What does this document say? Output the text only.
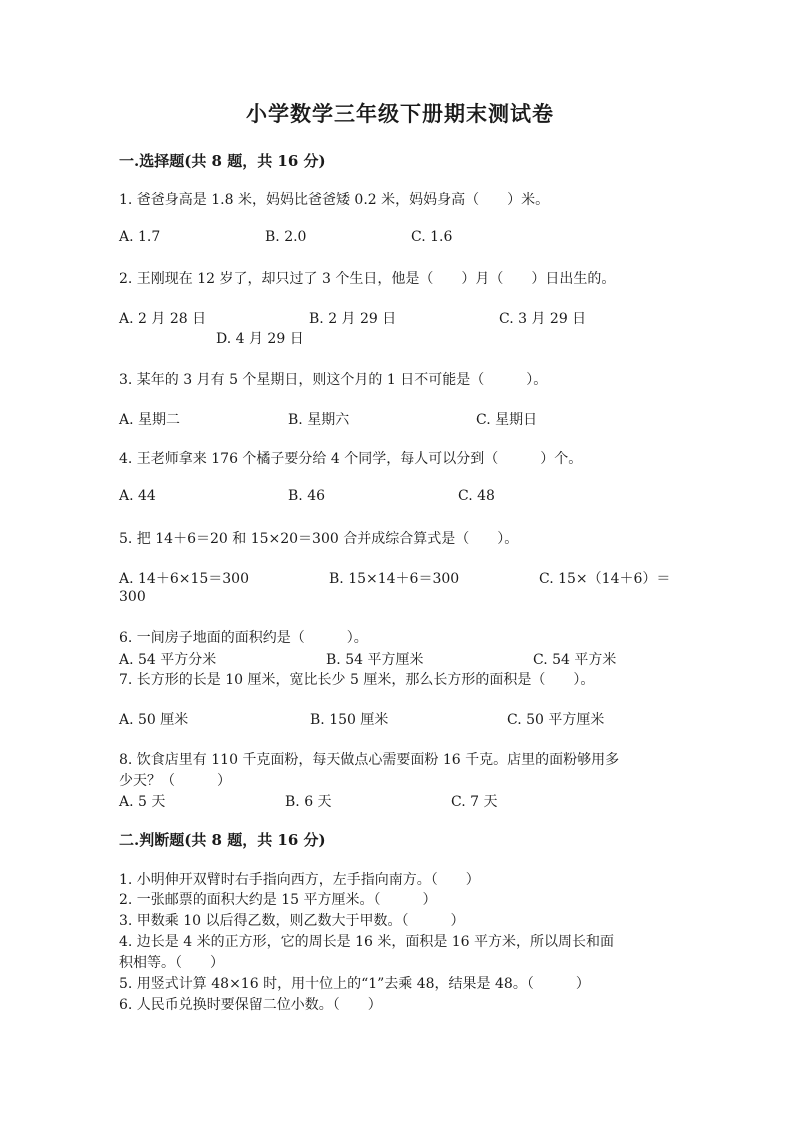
小学数学三年级下册期末测试卷
一.选择题(共 8 题，共 16 分)
1. 爸爸身高是 1.8 米，妈妈比爸爸矮 0.2 米，妈妈身高（　　）米。
A. 1.7	B. 2.0	C. 1.6
2. 王刚现在 12 岁了，却只过了 3 个生日，他是（　　）月（　　）日出生的。
A. 2 月 28 日	B. 2 月 29 日	C. 3 月 29 日
D. 4 月 29 日
3. 某年的 3 月有 5 个星期日，则这个月的 1 日不可能是（　　　）。
A. 星期二	B. 星期六	C. 星期日
4. 王老师拿来 176 个橘子要分给 4 个同学，每人可以分到（　　　）个。
A. 44	B. 46	C. 48
5. 把 14＋6＝20 和 15×20＝300 合并成综合算式是（　　）。
A. 14＋6×15＝300	B. 15×14＋6＝300	C. 15×（14＋6）＝
300
6. 一间房子地面的面积约是（　　　）。
A. 54 平方分米	B. 54 平方厘米	C. 54 平方米
7. 长方形的长是 10 厘米，宽比长少 5 厘米，那么长方形的面积是（　　）。
A. 50 厘米	B. 150 厘米	C. 50 平方厘米
8. 饮食店里有 110 千克面粉，每天做点心需要面粉 16 千克。店里的面粉够用多
少天？（　　　）
A. 5 天	B. 6 天	C. 7 天
二.判断题(共 8 题，共 16 分)
1. 小明伸开双臂时右手指向西方，左手指向南方。（　　）
2. 一张邮票的面积大约是 15 平方厘米。（　　　）
3. 甲数乘 10 以后得乙数，则乙数大于甲数。（　　　）
4. 边长是 4 米的正方形，它的周长是 16 米，面积是 16 平方米，所以周长和面
积相等。（　　）
5. 用竖式计算 48×16 时，用十位上的“1”去乘 48，结果是 48。（　　　）
6. 人民币兑换时要保留二位小数。（　　）
